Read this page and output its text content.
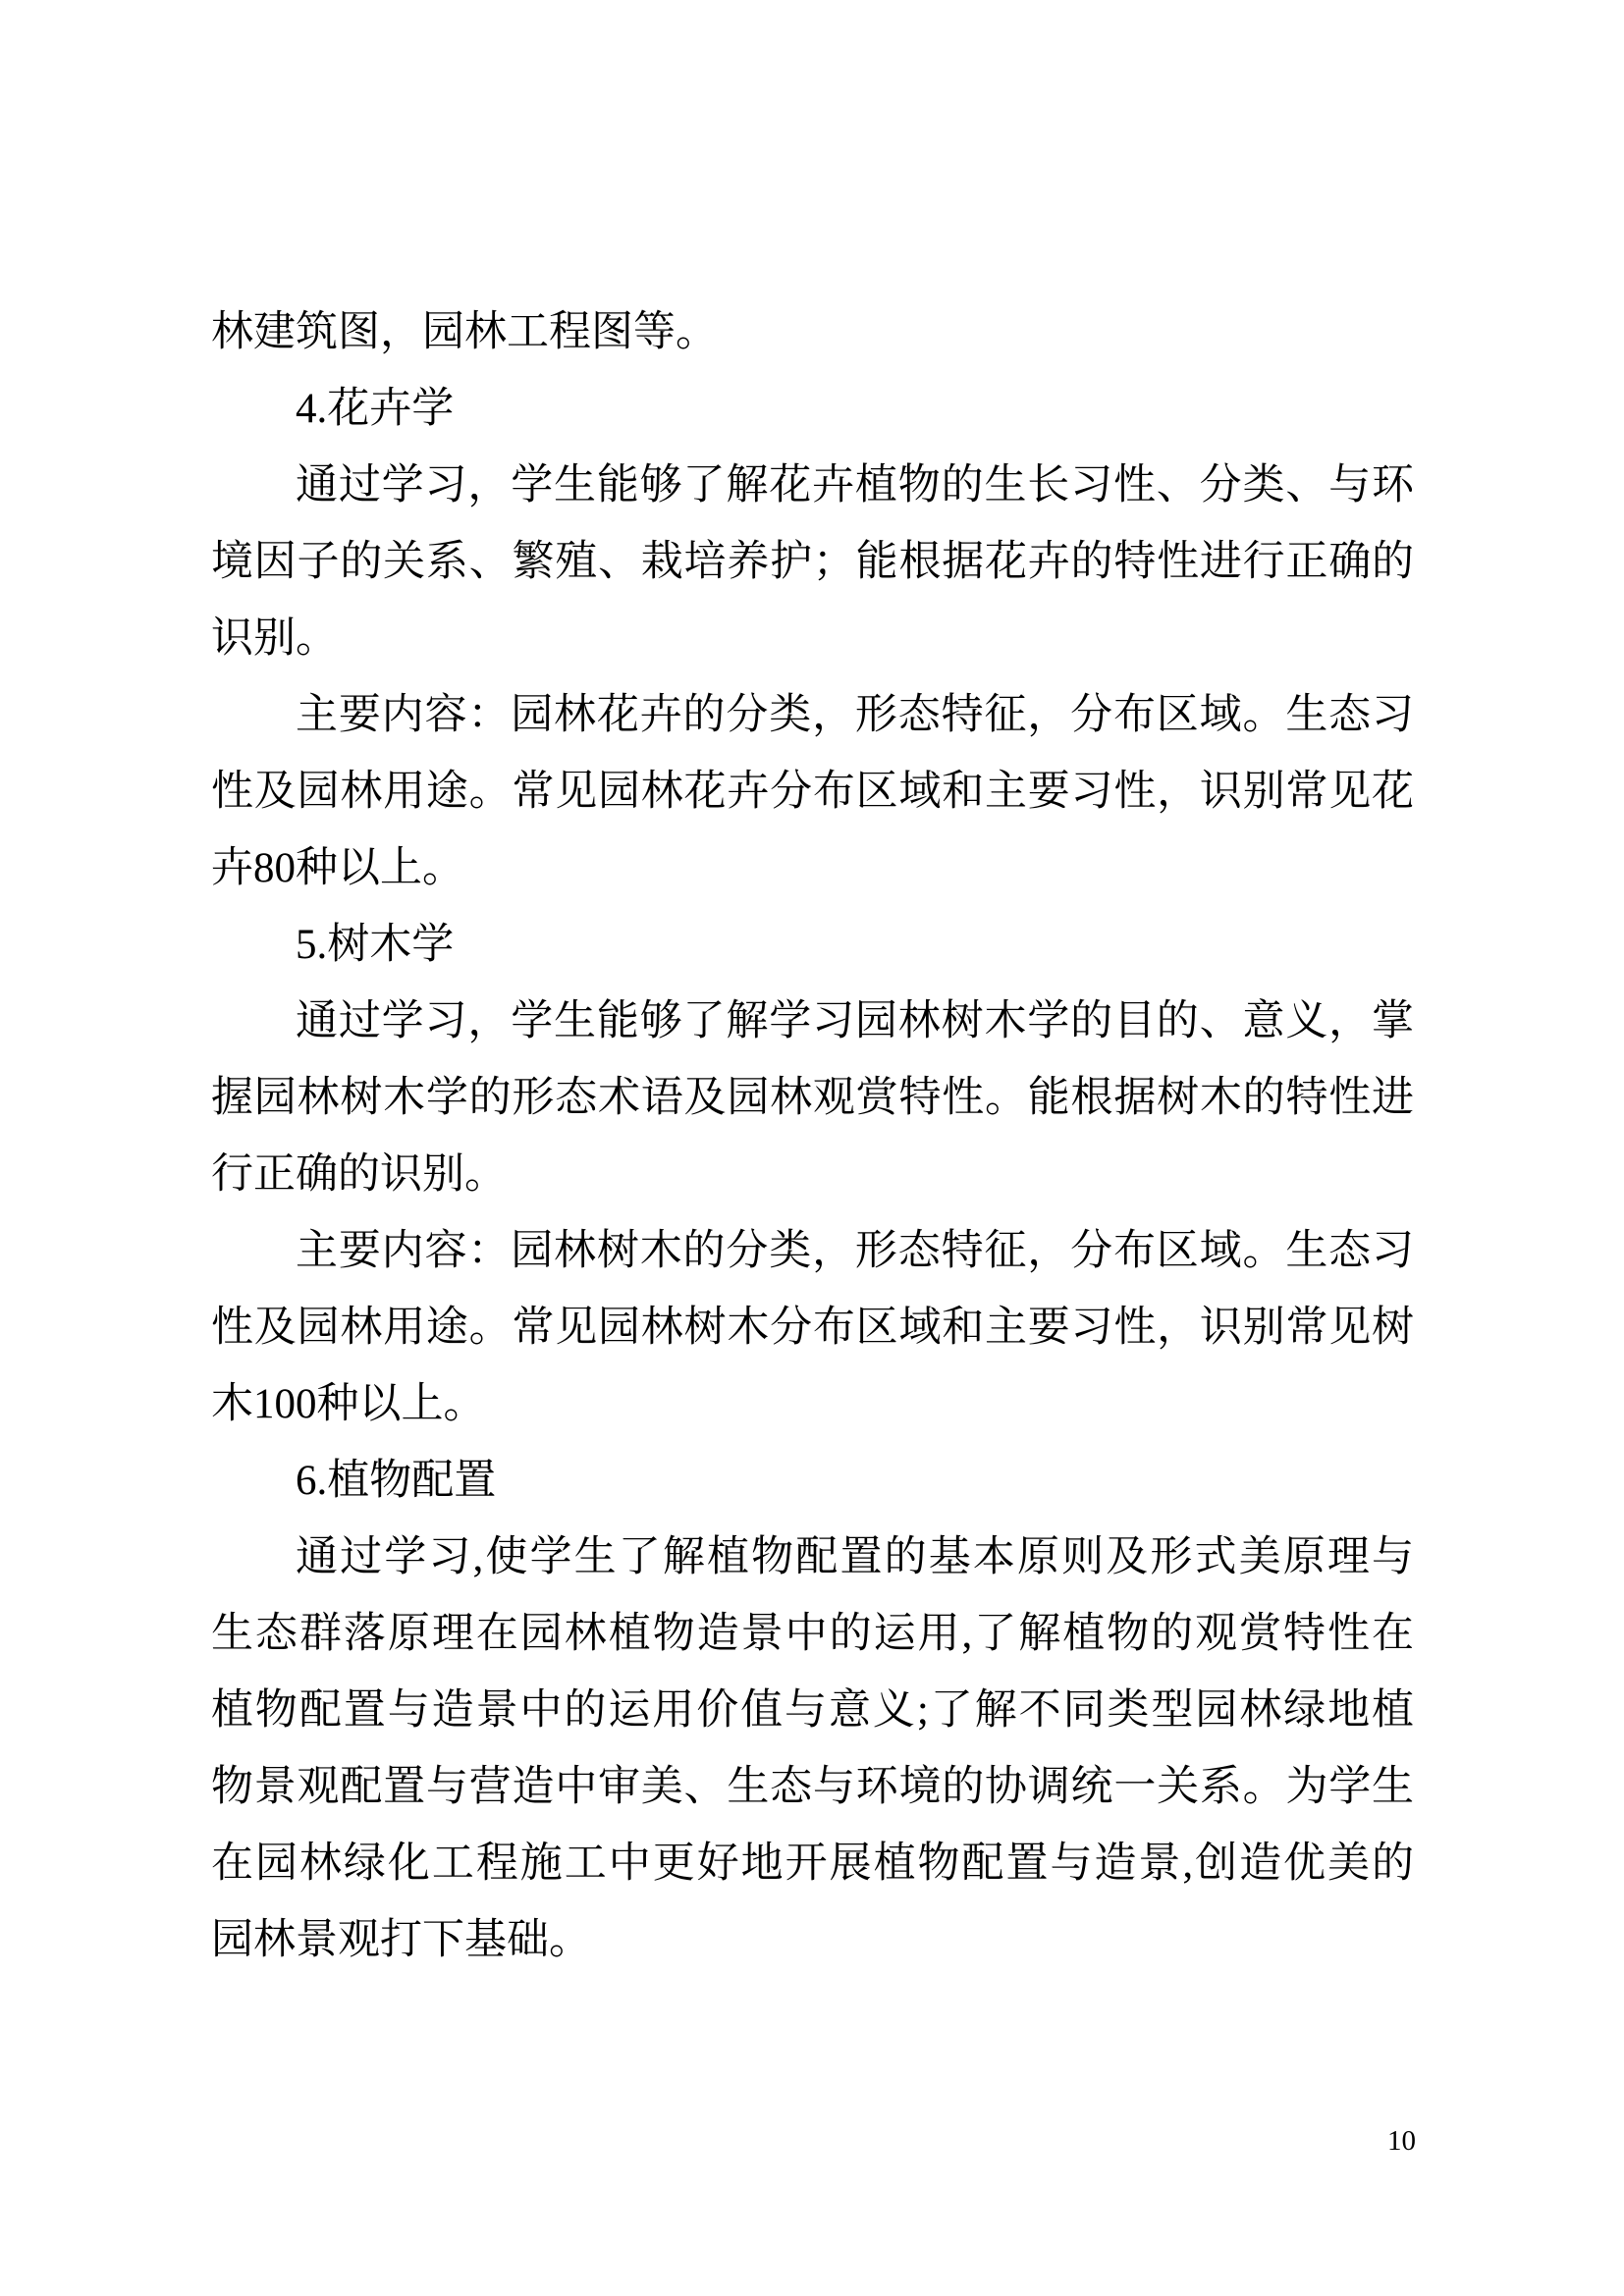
林建筑图，园林工程图等。
4.花卉学
通过学习，学生能够了解花卉植物的生长习性、分类、与环
境因子的关系、繁殖、栽培养护；能根据花卉的特性进行正确的
识别。
主要内容：园林花卉的分类，形态特征，分布区域。生态习
性及园林用途。常见园林花卉分布区域和主要习性，识别常见花
卉80种以上。
5.树木学
通过学习，学生能够了解学习园林树木学的目的、意义，掌
握园林树木学的形态术语及园林观赏特性。能根据树木的特性进
行正确的识别。
主要内容：园林树木的分类，形态特征，分布区域。生态习
性及园林用途。常见园林树木分布区域和主要习性，识别常见树
木100种以上。
6.植物配置
通过学习,使学生了解植物配置的基本原则及形式美原理与
生态群落原理在园林植物造景中的运用,了解植物的观赏特性在
植物配置与造景中的运用价值与意义;了解不同类型园林绿地植
物景观配置与营造中审美、生态与环境的协调统一关系。为学生
在园林绿化工程施工中更好地开展植物配置与造景,创造优美的
园林景观打下基础。
10
